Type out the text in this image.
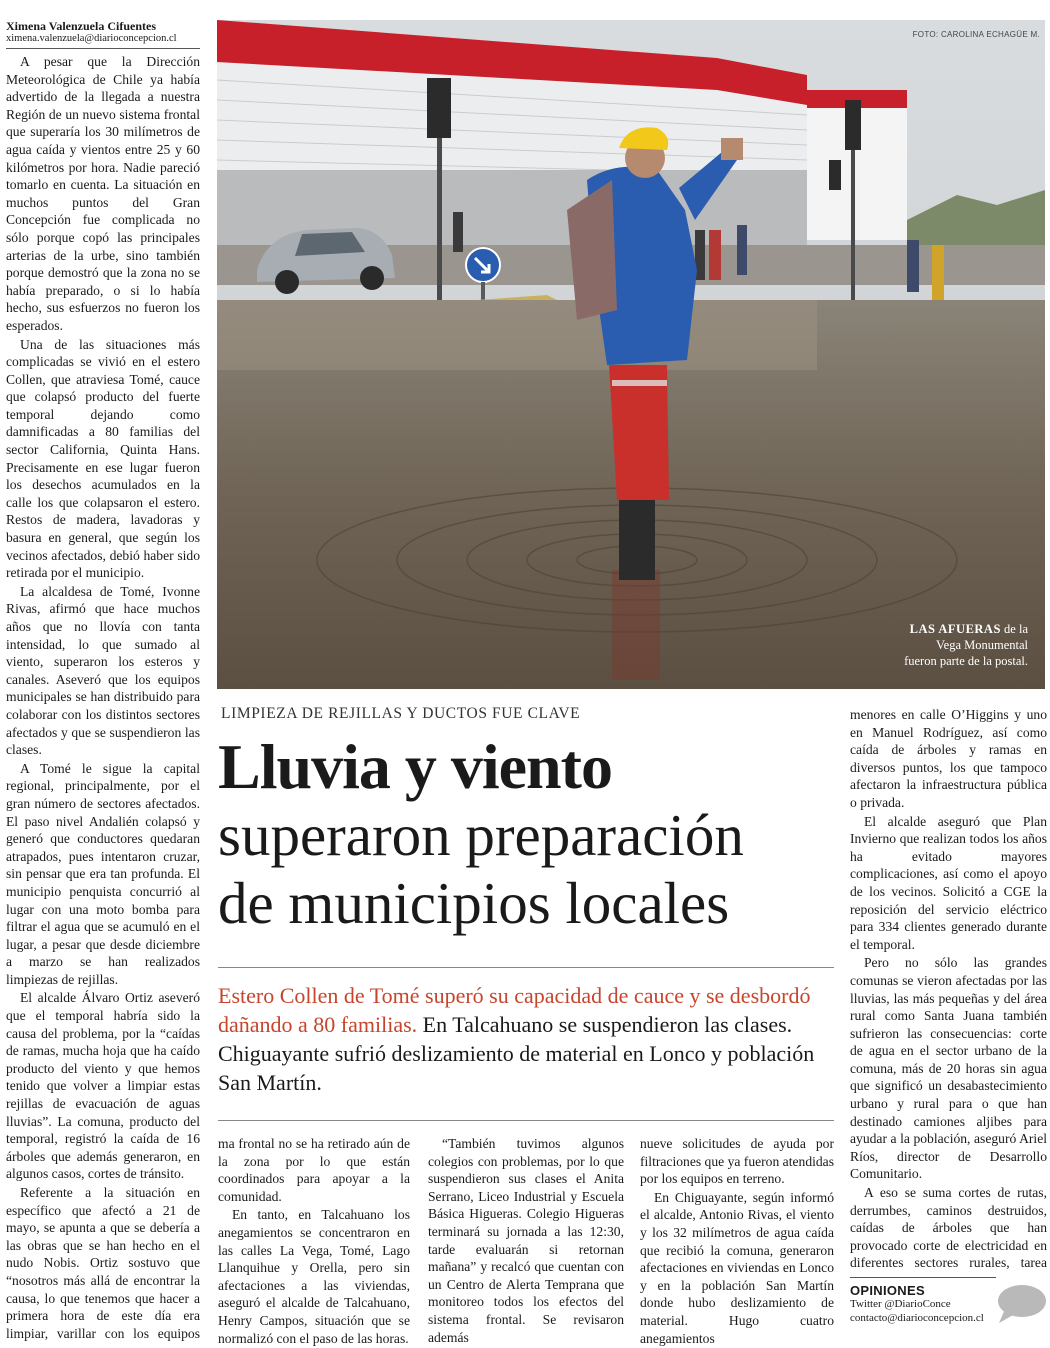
Ximena Valenzuela Cifuentes
ximena.valenzuela@diarioconcepcion.cl

A pesar que la Dirección Meteorológica de Chile ya había advertido de la llegada a nuestra Región de un nuevo sistema frontal que superaría los 30 milímetros de agua caída y vientos entre 25 y 60 kilómetros por hora. Nadie pareció tomarlo en cuenta. La situación en muchos puntos del Gran Concepción fue complicada no sólo porque copó las principales arterias de la urbe, sino también porque demostró que la zona no se había preparado, o si lo había hecho, sus esfuerzos no fueron los esperados.

Una de las situaciones más complicadas se vivió en el estero Collen, que atraviesa Tomé, cauce que colapsó producto del fuerte temporal dejando como damnificadas a 80 familias del sector California, Quinta Hans. Precisamente en ese lugar fueron los desechos acumulados en la calle los que colapsaron el estero. Restos de madera, lavadoras y basura en general, que según los vecinos afectados, debió haber sido retirada por el municipio.

La alcaldesa de Tomé, Ivonne Rivas, afirmó que hace muchos años que no llovía con tanta intensidad, lo que sumado al viento, superaron los esteros y canales. Aseveró que los equipos municipales se han distribuido para colaborar con los distintos sectores afectados y que se suspendieron las clases.

A Tomé le sigue la capital regional, principalmente, por el gran número de sectores afectados. El paso nivel Andalién colapsó y generó que conductores quedaran atrapados, pues intentaron cruzar, sin pensar que era tan profunda. El municipio penquista concurrió al lugar con una moto bomba para filtrar el agua que se acumuló en el lugar, a pesar que desde diciembre a marzo se han realizados limpiezas de rejillas.

El alcalde Álvaro Ortiz aseveró que el temporal habría sido la causa del problema, por la “caídas de ramas, mucha hoja que ha caído producto del viento y que hemos tenido que volver a limpiar estas rejillas de evacuación de aguas lluvias”. La comuna, producto del temporal, registró la caída de 16 árboles que además generaron, en algunos casos, cortes de tránsito.

Referente a la situación en específico que afectó a 21 de mayo, se apunta a que se debería a las obras que se han hecho en el nudo Nobis. Ortiz sostuvo que “nosotros más allá de encontrar la causa, lo que tenemos que hacer a primera hora de este día era limpiar, varillar con los equipos

FOTO: CAROLINA ECHAGÜE M.
LAS AFUERAS de la
Vega Monumental
fueron parte de la postal.
LIMPIEZA DE REJILLAS Y DUCTOS FUE CLAVE
Lluvia y viento
superaron preparación
de municipios locales
Estero Collen de Tomé superó su capacidad de cauce y se desbordó dañando a 80 familias. En Talcahuano se suspendieron las clases. Chiguayante sufrió deslizamiento de material en Lonco y población San Martín.

ma frontal no se ha retirado aún de la zona por lo que están coordinados para apoyar a la comunidad.

En tanto, en Talcahuano los anegamientos se concentraron en las calles La Vega, Tomé, Lago Llanquihue y Orella, pero sin afectaciones a las viviendas, aseguró el alcalde de Talcahuano, Henry Campos, situación que se normalizó con el paso de las horas.

“También tuvimos algunos colegios con problemas, por lo que suspendieron sus clases el Anita Serrano, Liceo Industrial y Escuela Básica Higueras. Colegio Higueras terminará su jornada a las 12:30, tarde evaluarán si retornan mañana” y recalcó que cuentan con un Centro de Alerta Temprana que monitoreo todos los efectos del sistema frontal. Se revisaron además

nueve solicitudes de ayuda por filtraciones que ya fueron atendidas por los equipos en terreno.

En Chiguayante, según informó el alcalde, Antonio Rivas, el viento y los 32 milímetros de agua caída que recibió la comuna, generaron afectaciones en viviendas en Lonco y en la población San Martín donde hubo deslizamiento de material. Hugo cuatro anegamientos

menores en calle O’Higgins y uno en Manuel Rodríguez, así como caída de árboles y ramas en diversos puntos, los que tampoco afectaron la infraestructura pública o privada.

El alcalde aseguró que Plan Invierno que realizan todos los años ha evitado mayores complicaciones, así como el apoyo de los vecinos. Solicitó a CGE la reposición del servicio eléctrico para 334 clientes generado durante el temporal.

Pero no sólo las grandes comunas se vieron afectadas por las lluvias, las más pequeñas y del área rural como Santa Juana también sufrieron las consecuencias: corte de agua en el sector urbano de la comuna, más de 20 horas sin agua que significó un desabastecimiento urbano y rural para o que han destinado camiones aljibes para ayudar a la población, aseguró Ariel Ríos, director de Desarrollo Comunitario.

A eso se suma cortes de rutas, derrumbes, caminos destruidos, caídas de árboles que han provocado corte de electricidad en diferentes sectores rurales, tarea

OPINIONES
Twitter @DiarioConce
contacto@diarioconcepcion.cl
